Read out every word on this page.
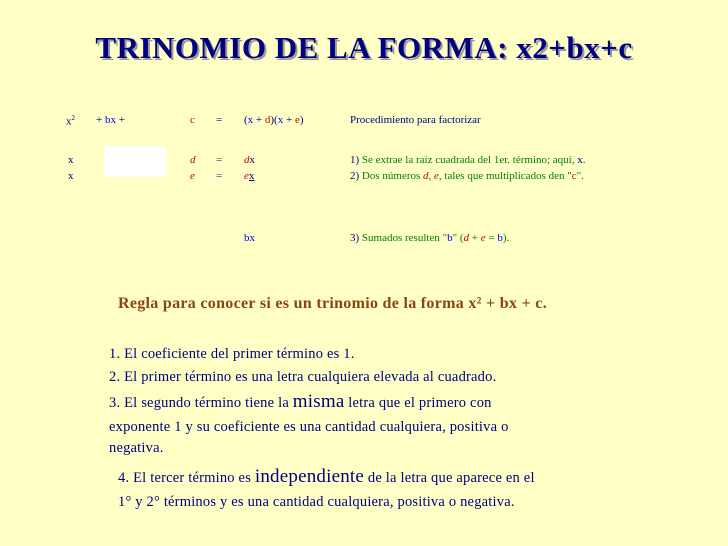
TRINOMIO DE LA FORMA: x2+bx+c
$x^2$ + bx +	c = (x + d)(x + e)	Procedimiento para factorizar
x	d = dx	1) Se extrae la raíz cuadrada del 1er. término; aquí, x.
x	e = ex	2) Dos números d, e, tales que multiplicados den "c".
bx	3) Sumados resulten "b" (d + e = b).
Regla para conocer si es un trinomio de la forma x² + bx + c.
1. El coeficiente del primer término es 1.
2. El primer término es una letra cualquiera elevada al cuadrado.
3. El segundo término tiene la misma letra que el primero con
exponente 1 y su coeficiente es una cantidad cualquiera, positiva o
negativa.
4. El tercer término es independiente de la letra que aparece en el
1° y 2° términos y es una cantidad cualquiera, positiva o negativa.
